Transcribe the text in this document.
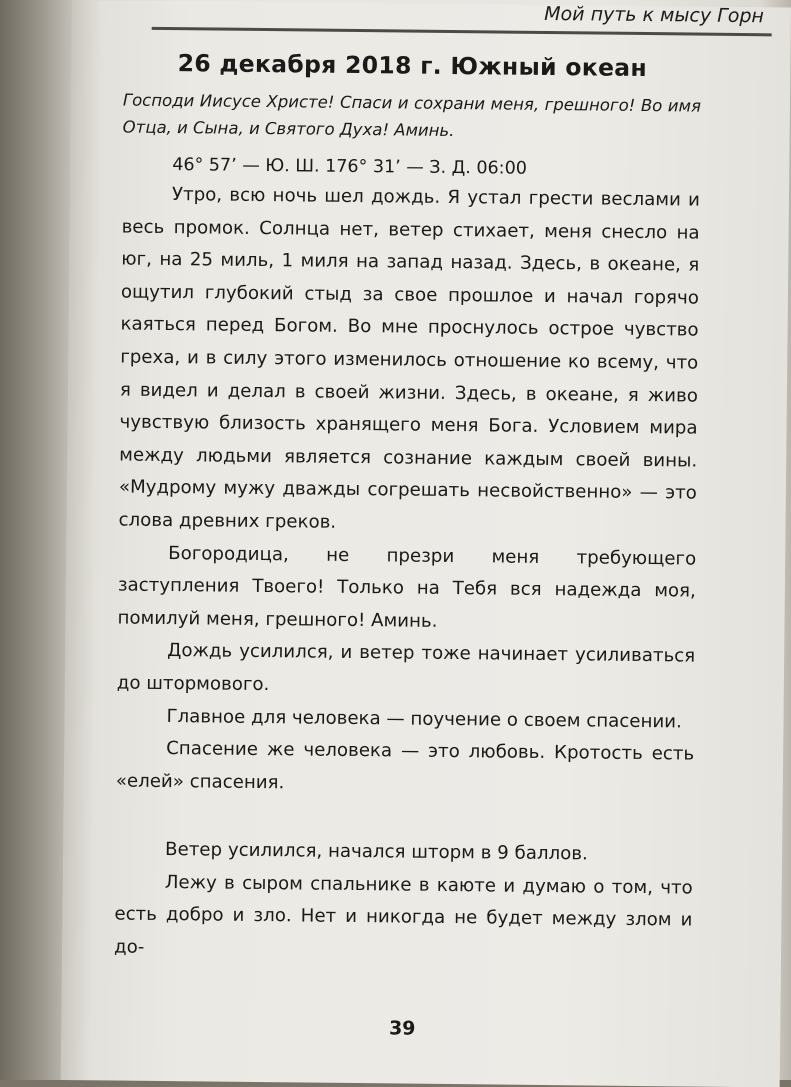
Мой путь к мысу Горн
26 декабря 2018 г. Южный океан

Господи Иисусе Христе! Спаси и сохрани меня, грешного! Во имя Отца, и Сына, и Святого Духа! Аминь.

46° 57’ — Ю. Ш. 176° 31’ — З. Д. 06:00

Утро, всю ночь шел дождь. Я устал грести веслами и весь промок. Солнца нет, ветер стихает, меня снесло на юг, на 25 миль, 1 миля на запад назад. Здесь, в океане, я ощутил глубокий стыд за свое прошлое и начал горячо каяться перед Богом. Во мне проснулось острое чувство греха, и в силу этого изменилось отношение ко всему, что я видел и делал в своей жизни. Здесь, в океане, я живо чувствую близость хранящего меня Бога. Условием мира между людьми является сознание каждым своей вины. «Мудрому мужу дважды согрешать несвойственно» — это слова древних греков.

Богородица, не презри меня требующего заступления Твоего! Только на Тебя вся надежда моя, помилуй меня, грешного! Аминь.

Дождь усилился, и ветер тоже начинает усиливаться до штормового.

Главное для человека — поучение о своем спасении.

Спасение же человека — это любовь. Кротость есть «елей» спасения.

Ветер усилился, начался шторм в 9 баллов.

Лежу в сыром спальнике в каюте и думаю о том, что есть добро и зло. Нет и никогда не будет между злом и до-

39
